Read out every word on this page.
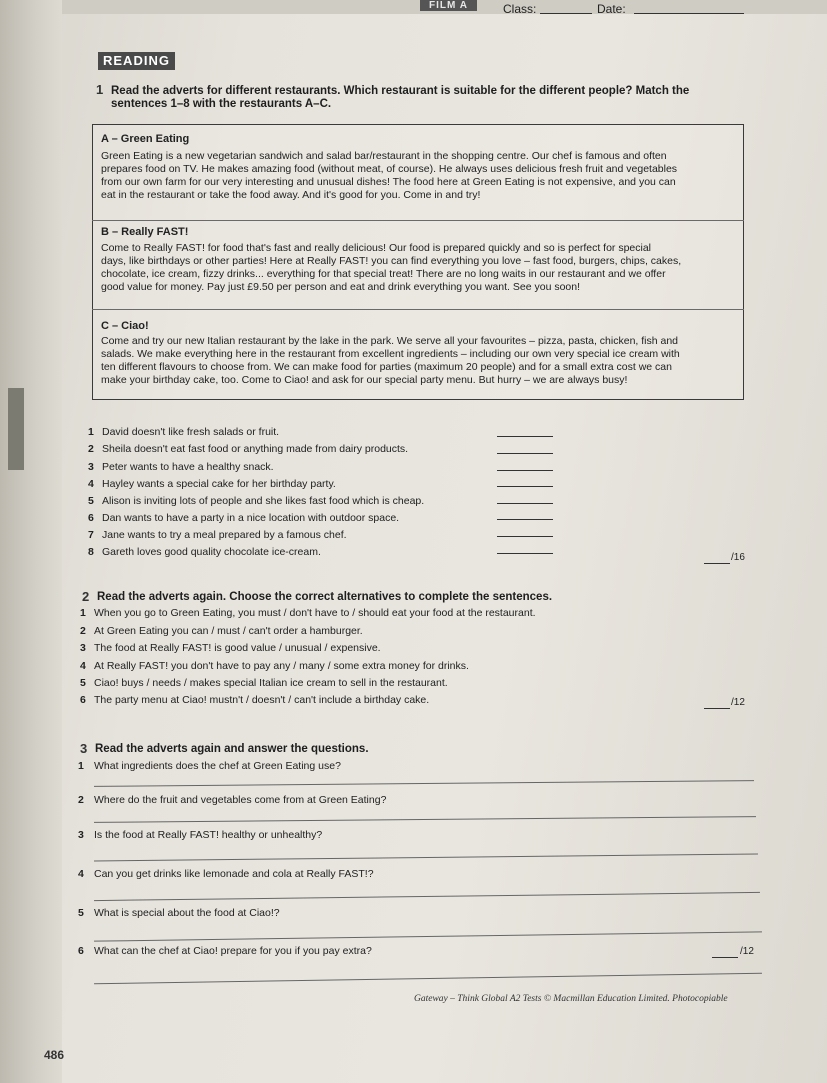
FILM A	Class:	Date:
READING
1 Read the adverts for different restaurants. Which restaurant is suitable for the different people? Match the
sentences 1–8 with the restaurants A–C.
A – Green Eating
Green Eating is a new vegetarian sandwich and salad bar/restaurant in the shopping centre. Our chef is famous and often
prepares food on TV. He makes amazing food (without meat, of course). He always uses delicious fresh fruit and vegetables
from our own farm for our very interesting and unusual dishes! The food here at Green Eating is not expensive, and you can
eat in the restaurant or take the food away. And it's good for you. Come in and try!
B – Really FAST!
Come to Really FAST! for food that's fast and really delicious! Our food is prepared quickly and so is perfect for special
days, like birthdays or other parties! Here at Really FAST! you can find everything you love – fast food, burgers, chips, cakes,
chocolate, ice cream, fizzy drinks... everything for that special treat! There are no long waits in our restaurant and we offer
good value for money. Pay just £9.50 per person and eat and drink everything you want. See you soon!
C – Ciao!
Come and try our new Italian restaurant by the lake in the park. We serve all your favourites – pizza, pasta, chicken, fish and
salads. We make everything here in the restaurant from excellent ingredients – including our own very special ice cream with
ten different flavours to choose from. We can make food for parties (maximum 20 people) and for a small extra cost we can
make your birthday cake, too. Come to Ciao! and ask for our special party menu. But hurry – we are always busy!
1 David doesn't like fresh salads or fruit.
2 Sheila doesn't eat fast food or anything made from dairy products.
3 Peter wants to have a healthy snack.
4 Hayley wants a special cake for her birthday party.
5 Alison is inviting lots of people and she likes fast food which is cheap.
6 Dan wants to have a party in a nice location with outdoor space.
7 Jane wants to try a meal prepared by a famous chef.
8 Gareth loves good quality chocolate ice-cream.	/16
2 Read the adverts again. Choose the correct alternatives to complete the sentences.
1 When you go to Green Eating, you must / don't have to / should eat your food at the restaurant.
2 At Green Eating you can / must / can't order a hamburger.
3 The food at Really FAST! is good value / unusual / expensive.
4 At Really FAST! you don't have to pay any / many / some extra money for drinks.
5 Ciao! buys / needs / makes special Italian ice cream to sell in the restaurant.
6 The party menu at Ciao! mustn't / doesn't / can't include a birthday cake.	/12
3 Read the adverts again and answer the questions.
1 What ingredients does the chef at Green Eating use?
2 Where do the fruit and vegetables come from at Green Eating?
3 Is the food at Really FAST! healthy or unhealthy?
4 Can you get drinks like lemonade and cola at Really FAST!?
5 What is special about the food at Ciao!?
6 What can the chef at Ciao! prepare for you if you pay extra?	/12
Gateway – Think Global A2 Tests © Macmillan Education Limited. Photocopiable
486
